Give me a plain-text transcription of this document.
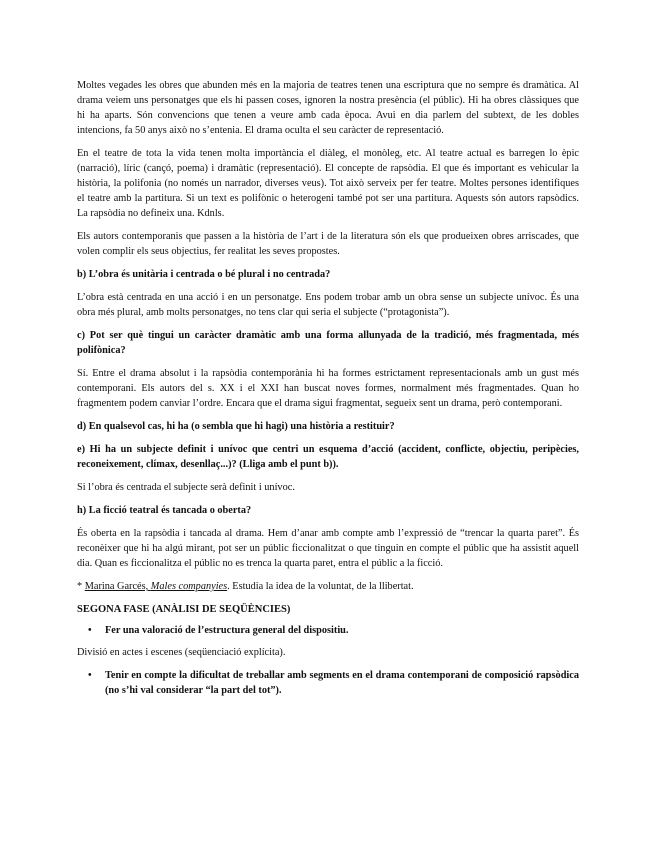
Moltes vegades les obres que abunden més en la majoria de teatres tenen una escriptura que no sempre és dramàtica. Al drama veiem uns personatges que els hi passen coses, ignoren la nostra presència (el públic). Hi ha obres clàssiques que hi ha aparts. Són convencions que tenen a veure amb cada època. Avui en dia parlem del subtext, de les dobles intencions, fa 50 anys això no s’entenia. El drama oculta el seu caràcter de representació.

En el teatre de tota la vida tenen molta importància el diàleg, el monòleg, etc. Al teatre actual es barregen lo èpic (narració), líric (cançó, poema) i dramàtic (representació). El concepte de rapsòdia. El que és important es vehicular la història, la polifonia (no només un narrador, diverses veus). Tot això serveix per fer teatre. Moltes persones identifiques el teatre amb la partitura. Si un text es polifònic o heterogeni també pot ser una partitura. Aquests són autors rapsòdics. La rapsòdia no defineix una. Kdnls.

Els autors contemporanis que passen a la història de l’art i de la literatura són els que produeixen obres arriscades, que volen complir els seus objectius, fer realitat les seves propostes.

b) L’obra és unitària i centrada o bé plural i no centrada?

L’obra està centrada en una acció i en un personatge. Ens podem trobar amb un obra sense un subjecte unívoc. És una obra més plural, amb molts personatges, no tens clar qui seria el subjecte (“protagonista”).

c) Pot ser què tingui un caràcter dramàtic amb una forma allunyada de la tradició, més fragmentada, més polifònica?

Sí. Entre el drama absolut i la rapsòdia contemporània hi ha formes estrictament representacionals amb un gust més contemporani. Els autors del s. XX i el XXI han buscat noves formes, normalment més fragmentades. Quan ho fragmentem podem canviar l’ordre. Encara que el drama sigui fragmentat, segueix sent un drama, però contemporani.

d) En qualsevol cas, hi ha (o sembla que hi hagi) una història a restituir?

e) Hi ha un subjecte definit i unívoc que centri un esquema d’acció (accident, conflicte, objectiu, peripècies, reconeixement, clímax, desenllaç...)? (Lliga amb el punt b)).

Si l’obra és centrada el subjecte serà definit i unívoc.

h) La ficció teatral és tancada o oberta?

És oberta en la rapsòdia i tancada al drama. Hem d’anar amb compte amb l’expressió de “trencar la quarta paret”. És reconèixer que hi ha algú mirant, pot ser un públic ficcionalitzat o que tinguin en compte el públic que ha assistit aquell dia. Quan es ficcionalitza el públic no es trenca la quarta paret, entra el públic a la ficció.

* Marina Garcés, Males companyies. Estudia la idea de la voluntat, de la llibertat.

SEGONA FASE (ANÀLISI DE SEQÜÈNCIES)

• Fer una valoració de l’estructura general del dispositiu.

Divisió en actes i escenes (seqüenciació explícita).

• Tenir en compte la dificultat de treballar amb segments en el drama contemporani de composició rapsòdica (no s’hi val considerar “la part del tot”).
